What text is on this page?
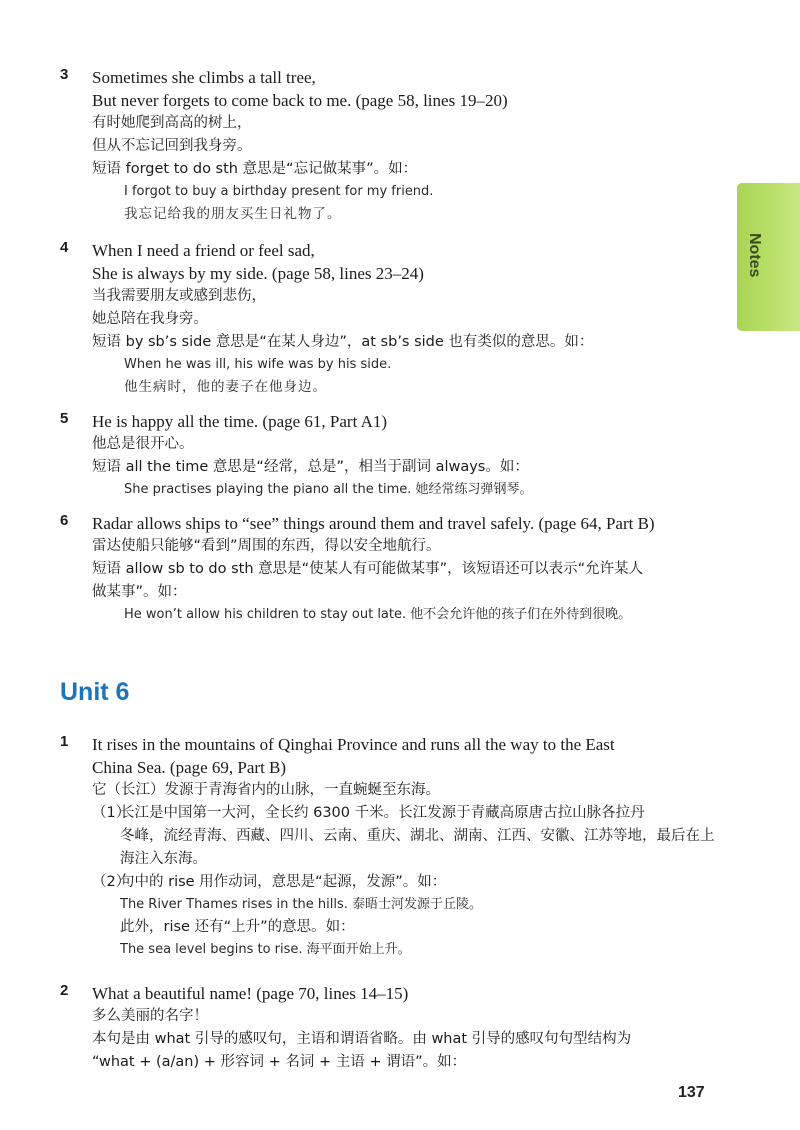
Notes
3 Sometimes she climbs a tall tree,
But never forgets to come back to me. (page 58, lines 19–20)
有时她爬到高高的树上，
但从不忘记回到我身旁。
短语 forget to do sth 意思是“忘记做某事”。如：
I forgot to buy a birthday present for my friend.
我忘记给我的朋友买生日礼物了。
4 When I need a friend or feel sad,
She is always by my side. (page 58, lines 23–24)
当我需要朋友或感到悲伤，
她总陪在我身旁。
短语 by sb’s side 意思是“在某人身边”，at sb’s side 也有类似的意思。如：
When he was ill, his wife was by his side.
他生病时，他的妻子在他身边。
5 He is happy all the time. (page 61, Part A1)
他总是很开心。
短语 all the time 意思是“经常，总是”，相当于副词 always。如：
She practises playing the piano all the time. 她经常练习弹钢琴。
6 Radar allows ships to “see” things around them and travel safely. (page 64, Part B)
雷达使船只能够“看到”周围的东西，得以安全地航行。
短语 allow sb to do sth 意思是“使某人有可能做某事”，该短语还可以表示“允许某人
做某事”。如：
He won’t allow his children to stay out late. 他不会允许他的孩子们在外待到很晚。
Unit 6
1 It rises in the mountains of Qinghai Province and runs all the way to the East
China Sea. (page 69, Part B)
它（长江）发源于青海省内的山脉，一直蜿蜒至东海。
（1）
长江是中国第一大河，全长约 6300 千米。长江发源于青藏高原唐古拉山脉各拉丹
冬峰，流经青海、西藏、四川、云南、重庆、湖北、湖南、江西、安徽、江苏等地，最后在上
海注入东海。
（2）
句中的 rise 用作动词，意思是“起源，发源”。如：
The River Thames rises in the hills. 泰晤士河发源于丘陵。
此外，rise 还有“上升”的意思。如：
The sea level begins to rise. 海平面开始上升。
2 What a beautiful name! (page 70, lines 14–15)
多么美丽的名字！
本句是由 what 引导的感叹句，主语和谓语省略。由 what 引导的感叹句句型结构为
“what + (a/an) + 形容词 + 名词 + 主语 + 谓语”。如：
137
